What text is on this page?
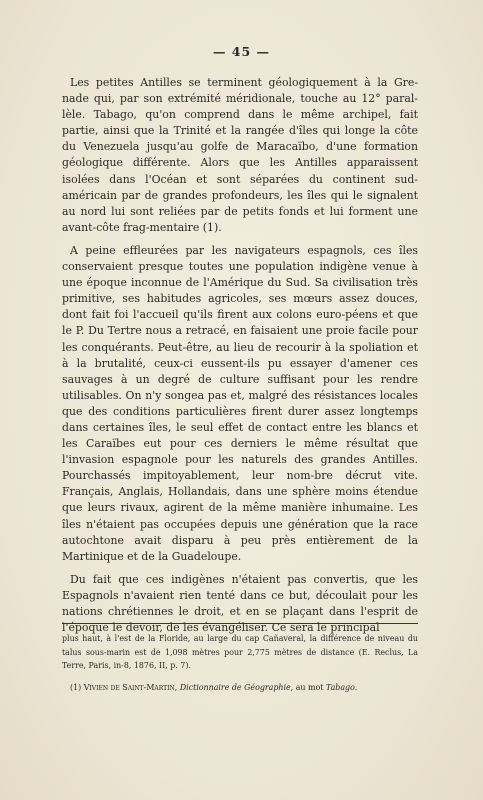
— 45 —

Les petites Antilles se terminent géologiquement à la Gre-nade qui, par son extrémité méridionale, touche au 12° paral-lèle. Tabago, qu'on comprend dans le même archipel, fait partie, ainsi que la Trinité et la rangée d'îles qui longe la côte du Venezuela jusqu'au golfe de Maracaïbo, d'une formation géologique différente. Alors que les Antilles apparaissent isolées dans l'Océan et sont séparées du continent sud-américain par de grandes profondeurs, les îles qui le signalent au nord lui sont reliées par de petits fonds et lui forment une avant-côte frag-mentaire (1).

A peine effleurées par les navigateurs espagnols, ces îles conservaient presque toutes une population indigène venue à une époque inconnue de l'Amérique du Sud. Sa civilisation très primitive, ses habitudes agricoles, ses mœurs assez douces, dont fait foi l'accueil qu'ils firent aux colons euro-péens et que le P. Du Tertre nous a retracé, en faisaient une proie facile pour les conquérants. Peut-être, au lieu de recourir à la spoliation et à la brutalité, ceux-ci eussent-ils pu essayer d'amener ces sauvages à un degré de culture suffisant pour les rendre utilisables. On n'y songea pas et, malgré des résistances locales que des conditions particulières firent durer assez longtemps dans certaines îles, le seul effet de contact entre les blancs et les Caraïbes eut pour ces derniers le même résultat que l'invasion espagnole pour les naturels des grandes Antilles. Pourchassés impitoyablement, leur nom-bre décrut vite. Français, Anglais, Hollandais, dans une sphère moins étendue que leurs rivaux, agirent de la même manière inhumaine. Les îles n'étaient pas occupées depuis une génération que la race autochtone avait disparu à peu près entièrement de la Martinique et de la Guadeloupe.

Du fait que ces indigènes n'étaient pas convertis, que les Espagnols n'avaient rien tenté dans ce but, découlait pour les nations chrétiennes le droit, et en se plaçant dans l'esprit de l'époque le devoir, de les évangéliser. Ce sera le principal

plus haut, à l'est de la Floride, au large du cap Cañaveral, la différence de niveau du talus sous-marin est de 1,098 mètres pour 2,775 mètres de distance (E. Reclus, La Terre, Paris, in-8, 1876, II, p. 7).

(1) Vivien de Saint-Martin, Dictionnaire de Géographie, au mot Tabago.
